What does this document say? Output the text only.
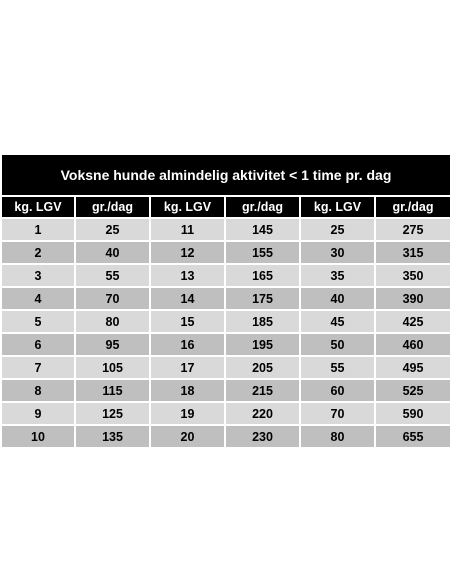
Voksne hunde almindelig aktivitet < 1 time pr. dag
kg. LGV	gr./dag	kg. LGV	gr./dag	kg. LGV	gr./dag
1	25	11	145	25	275
2	40	12	155	30	315
3	55	13	165	35	350
4	70	14	175	40	390
5	80	15	185	45	425
6	95	16	195	50	460
7	105	17	205	55	495
8	115	18	215	60	525
9	125	19	220	70	590
10	135	20	230	80	655
